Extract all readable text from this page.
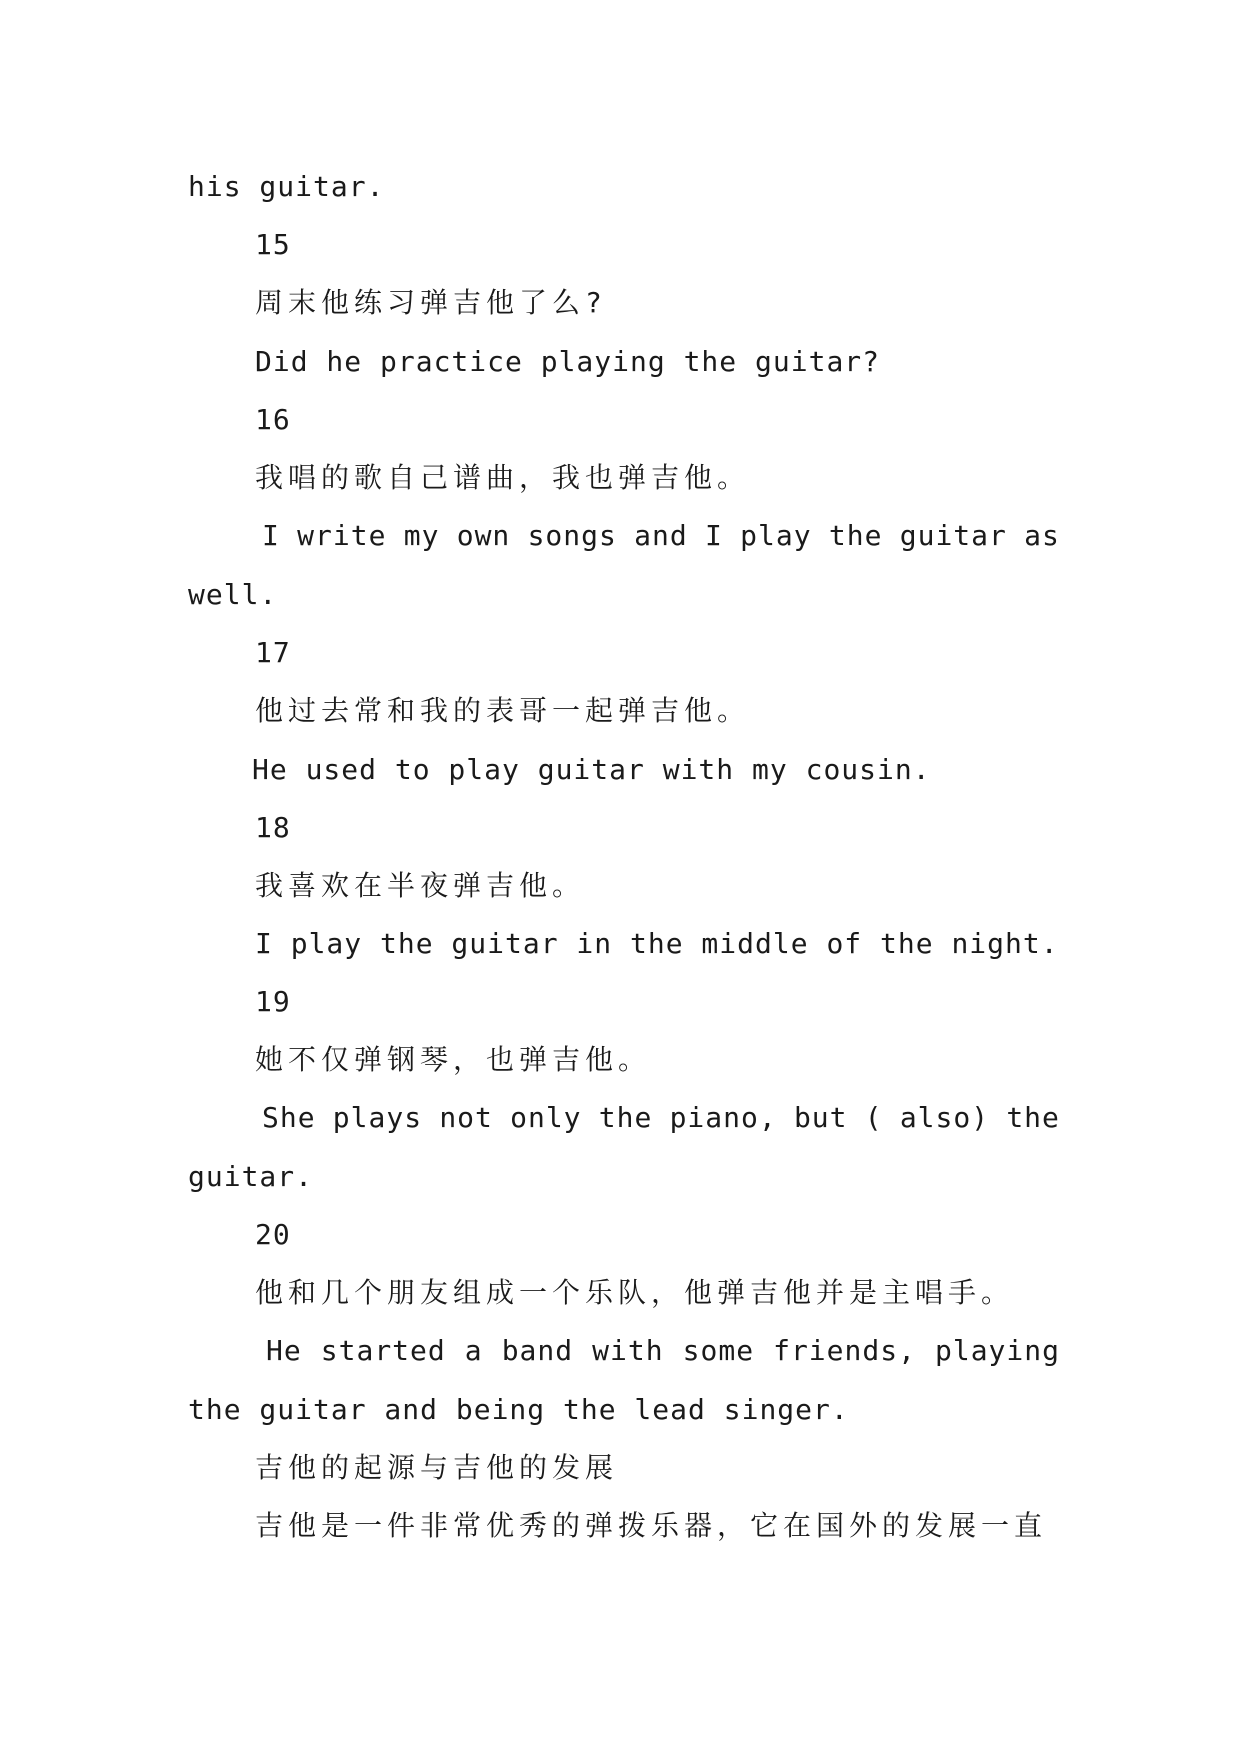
his guitar.
15
周末他练习弹吉他了么?
Did he practice playing the guitar?
16
我唱的歌自己谱曲，我也弹吉他。
I write my own songs and I play the guitar as
well.
17
他过去常和我的表哥一起弹吉他。
He used to play guitar with my cousin.
18
我喜欢在半夜弹吉他。
I play the guitar in the middle of the night.
19
她不仅弹钢琴，也弹吉他。
She plays not only the piano, but ( also) the
guitar.
20
他和几个朋友组成一个乐队，他弹吉他并是主唱手。
He started a band with some friends, playing
the guitar and being the lead singer.
吉他的起源与吉他的发展
吉他是一件非常优秀的弹拨乐器，它在国外的发展一直
